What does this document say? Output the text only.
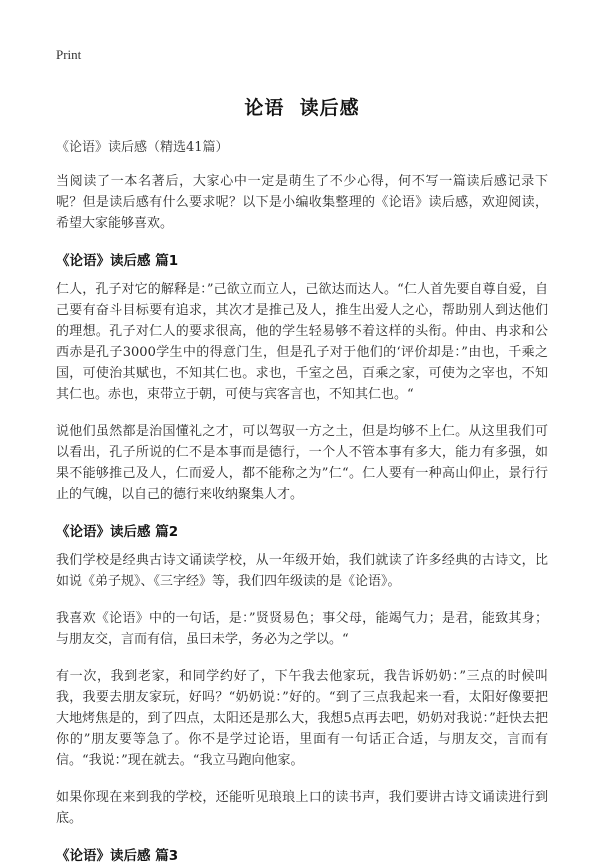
Print
论语  读后感
《论语》读后感（精选41篇）

当阅读了一本名著后，大家心中一定是萌生了不少心得，何不写一篇读后感记录下呢？但是读后感有什么要求呢？以下是小编收集整理的《论语》读后感，欢迎阅读，希望大家能够喜欢。

《论语》读后感 篇1

仁人，孔子对它的解释是：”己欲立而立人，己欲达而达人。“仁人首先要自尊自爱，自己要有奋斗目标要有追求，其次才是推己及人，推生出爱人之心，帮助别人到达他们的理想。孔子对仁人的要求很高，他的学生轻易够不着这样的头衔。仲由、冉求和公西赤是孔子3000学生中的得意门生，但是孔子对于他们的‘评价却是：”由也，千乘之国，可使治其赋也，不知其仁也。求也，千室之邑，百乘之家，可使为之宰也，不知其仁也。赤也，束带立于朝，可使与宾客言也，不知其仁也。“

说他们虽然都是治国懂礼之才，可以驾驭一方之土，但是均够不上仁。从这里我们可以看出，孔子所说的仁不是本事而是德行，一个人不管本事有多大，能力有多强，如果不能够推己及人，仁而爱人，都不能称之为”仁“。仁人要有一种高山仰止，景行行止的气魄，以自己的德行来收纳聚集人才。

《论语》读后感 篇2

我们学校是经典古诗文诵读学校，从一年级开始，我们就读了许多经典的古诗文，比如说《弟子规》、《三字经》等，我们四年级读的是《论语》。

我喜欢《论语》中的一句话，是：”贤贤易色；事父母，能竭气力；是君，能致其身；与朋友交，言而有信，虽曰未学，务必为之学以。“

有一次，我到老家，和同学约好了，下午我去他家玩，我告诉奶奶：”三点的时候叫我，我要去朋友家玩，好吗？“奶奶说：”好的。“到了三点我起来一看，太阳好像要把大地烤焦是的，到了四点，太阳还是那么大，我想5点再去吧，奶奶对我说：”赶快去把你的”朋友要等急了。你不是学过论语，里面有一句话正合适，与朋友交，言而有信。“我说：”现在就去。“我立马跑向他家。

如果你现在来到我的学校，还能听见琅琅上口的读书声，我们要讲古诗文诵读进行到底。

《论语》读后感 篇3
